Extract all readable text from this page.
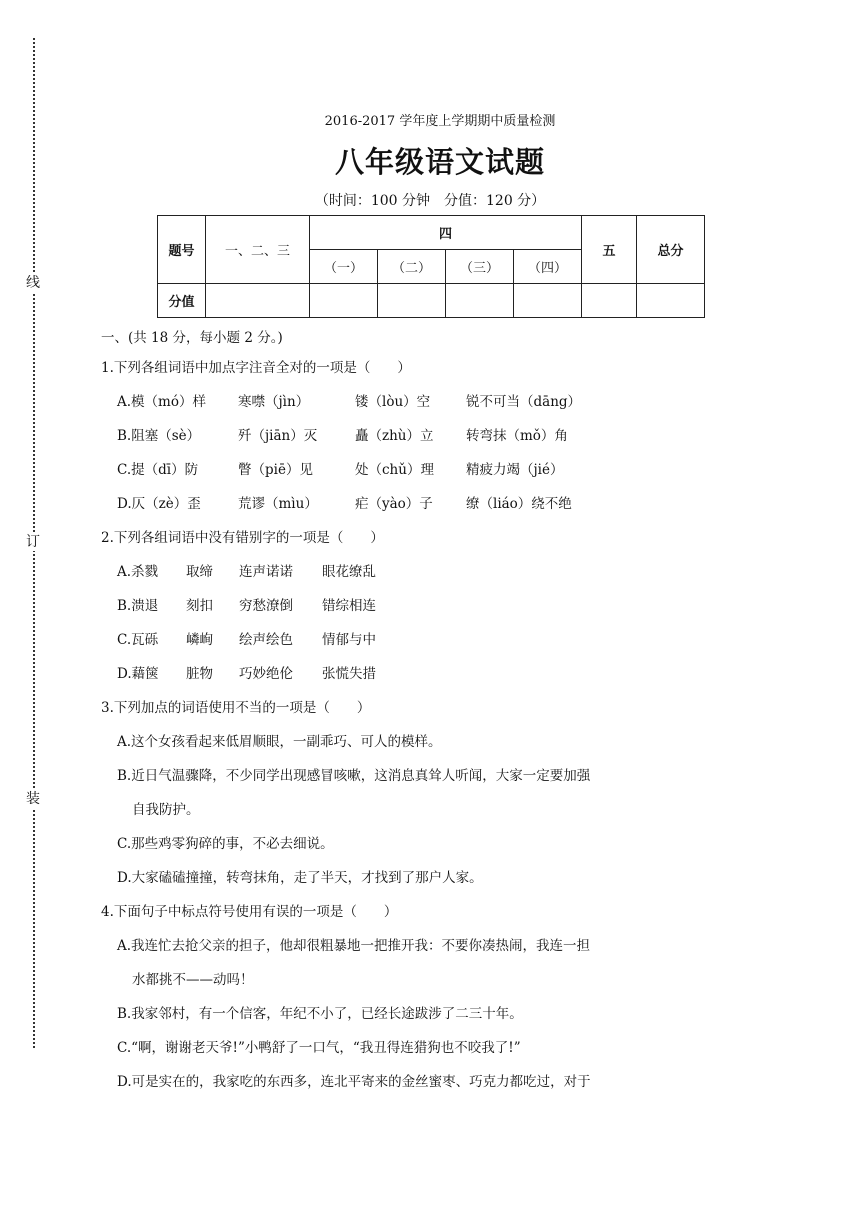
线
订
装
2016-2017 学年度上学期期中质量检测
八年级语文试题
（时间：100 分钟　分值：120 分）
题号	一、二、三	四				五	总分
		（一）	（二）	（三）	（四）		
分值							
一、(共 18 分，每小题 2 分。)
1.下列各组词语中加点字注音全对的一项是（　　）
A.模（mó）样 寒噤（jìn）	镂（lòu）空	锐不可当（dāng）
B.阻塞（sè）	歼（jiān）灭	矗（zhù）立 转弯抹（mǒ）角
C.提（dī）防	瞥（piē）见	处（chǔ）理 精疲力竭（jié）
D.仄（zè）歪	荒谬（mìu）	疟（yào）子 缭（liáo）绕不绝
2.下列各组词语中没有错别字的一项是（　　）
A.杀戮 取缔 连声诺诺 眼花缭乱
B.溃退 刻扣 穷愁潦倒 错综相连
C.瓦砾 嶙峋 绘声绘色 情郁与中
D.藉箧 脏物 巧妙绝伦 张慌失措
3.下列加点的词语使用不当的一项是（　　）
A.这个女孩看起来低眉顺眼，一副乖巧、可人的模样。
B.近日气温骤降，不少同学出现感冒咳嗽，这消息真耸人听闻，大家一定要加强
自我防护。
C.那些鸡零狗碎的事，不必去细说。
D.大家磕磕撞撞，转弯抹角，走了半天，才找到了那户人家。
4.下面句子中标点符号使用有误的一项是（　　）
A.我连忙去抢父亲的担子，他却很粗暴地一把推开我：不要你凑热闹，我连一担
水都挑不——动吗！
B.我家邻村，有一个信客，年纪不小了，已经长途跋涉了二三十年。
C.“啊，谢谢老天爷!”小鸭舒了一口气，“我丑得连猎狗也不咬我了!”
D.可是实在的，我家吃的东西多，连北平寄来的金丝蜜枣、巧克力都吃过，对于
